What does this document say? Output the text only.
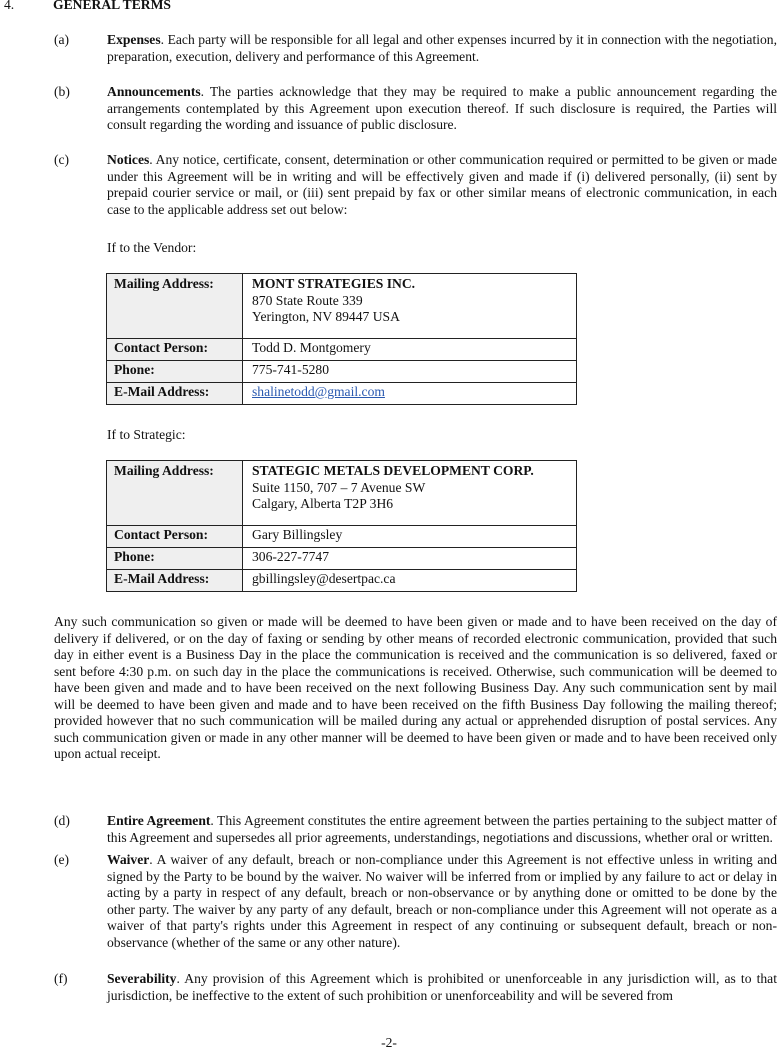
4.	GENERAL TERMS
(a)	Expenses. Each party will be responsible for all legal and other expenses incurred by it in connection with the negotiation, preparation, execution, delivery and performance of this Agreement.
(b)	Announcements. The parties acknowledge that they may be required to make a public announcement regarding the arrangements contemplated by this Agreement upon execution thereof. If such disclosure is required, the Parties will consult regarding the wording and issuance of public disclosure.
(c)	Notices. Any notice, certificate, consent, determination or other communication required or permitted to be given or made under this Agreement will be in writing and will be effectively given and made if (i) delivered personally, (ii) sent by prepaid courier service or mail, or (iii) sent prepaid by fax or other similar means of electronic communication, in each case to the applicable address set out below:
If to the Vendor:
Mailing Address:	MONT STRATEGIES INC.
870 State Route 339
Yerington, NV 89447 USA

Contact Person:	Todd D. Montgomery
Phone:	775-741-5280
E-Mail Address:	shalinetodd@gmail.com
If to Strategic:
Mailing Address:	STATEGIC METALS DEVELOPMENT CORP.
Suite 1150, 707 – 7 Avenue SW
Calgary, Alberta T2P 3H6

Contact Person:	Gary Billingsley
Phone:	306-227-7747
E-Mail Address:	gbillingsley@desertpac.ca
Any such communication so given or made will be deemed to have been given or made and to have been received on the day of delivery if delivered, or on the day of faxing or sending by other means of recorded electronic communication, provided that such day in either event is a Business Day in the place the communication is received and the communication is so delivered, faxed or sent before 4:30 p.m. on such day in the place the communications is received. Otherwise, such communication will be deemed to have been given and made and to have been received on the next following Business Day. Any such communication sent by mail will be deemed to have been given and made and to have been received on the fifth Business Day following the mailing thereof; provided however that no such communication will be mailed during any actual or apprehended disruption of postal services. Any such communication given or made in any other manner will be deemed to have been given or made and to have been received only upon actual receipt.
(d)	Entire Agreement. This Agreement constitutes the entire agreement between the parties pertaining to the subject matter of this Agreement and supersedes all prior agreements, understandings, negotiations and discussions, whether oral or written.
(e)	Waiver. A waiver of any default, breach or non-compliance under this Agreement is not effective unless in writing and signed by the Party to be bound by the waiver. No waiver will be inferred from or implied by any failure to act or delay in acting by a party in respect of any default, breach or non-observance or by anything done or omitted to be done by the other party. The waiver by any party of any default, breach or non-compliance under this Agreement will not operate as a waiver of that party's rights under this Agreement in respect of any continuing or subsequent default, breach or non-observance (whether of the same or any other nature).
(f)	Severability. Any provision of this Agreement which is prohibited or unenforceable in any jurisdiction will, as to that jurisdiction, be ineffective to the extent of such prohibition or unenforceability and will be severed from
-2-
